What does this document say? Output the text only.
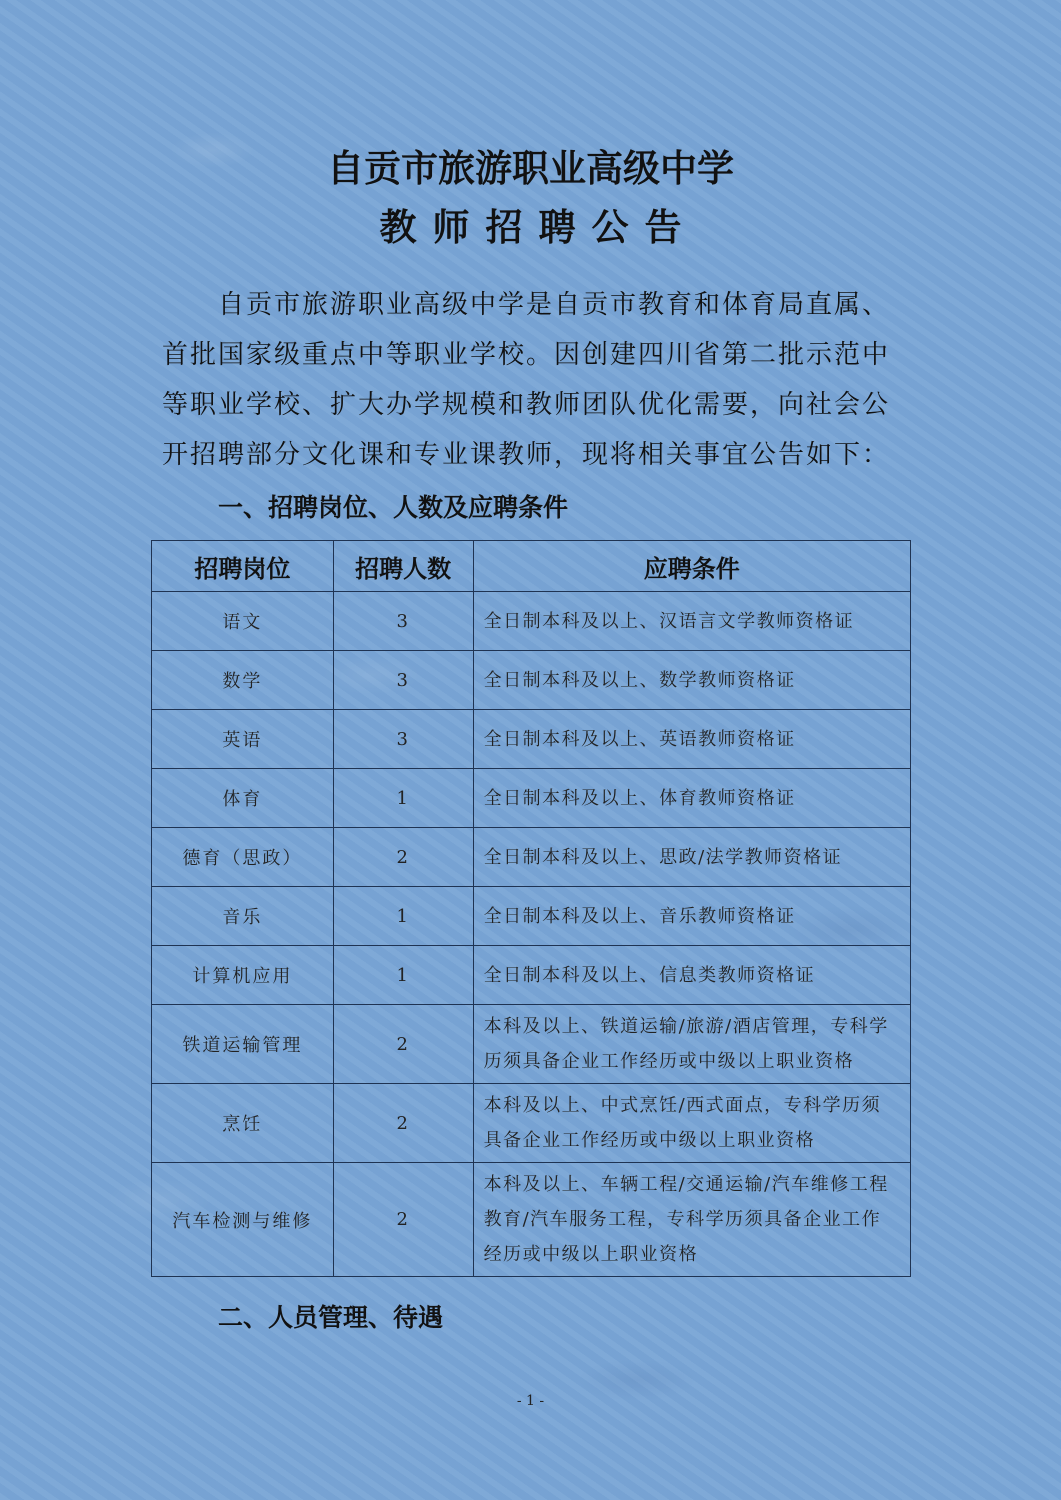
自贡市旅游职业高级中学
教师招聘公告

自贡市旅游职业高级中学是自贡市教育和体育局直属、首批国家级重点中等职业学校。因创建四川省第二批示范中等职业学校、扩大办学规模和教师团队优化需要，向社会公开招聘部分文化课和专业课教师，现将相关事宜公告如下：

一、招聘岗位、人数及应聘条件
招聘岗位	招聘人数	应聘条件
语文	3	全日制本科及以上、汉语言文学教师资格证
数学	3	全日制本科及以上、数学教师资格证
英语	3	全日制本科及以上、英语教师资格证
体育	1	全日制本科及以上、体育教师资格证
德育（思政）	2	全日制本科及以上、思政/法学教师资格证
音乐	1	全日制本科及以上、音乐教师资格证
计算机应用	1	全日制本科及以上、信息类教师资格证
铁道运输管理	2	本科及以上、铁道运输/旅游/酒店管理，专科学历须具备企业工作经历或中级以上职业资格
烹饪	2	本科及以上、中式烹饪/西式面点，专科学历须具备企业工作经历或中级以上职业资格
汽车检测与维修	2	本科及以上、车辆工程/交通运输/汽车维修工程教育/汽车服务工程，专科学历须具备企业工作经历或中级以上职业资格
二、人员管理、待遇
- 1 -
